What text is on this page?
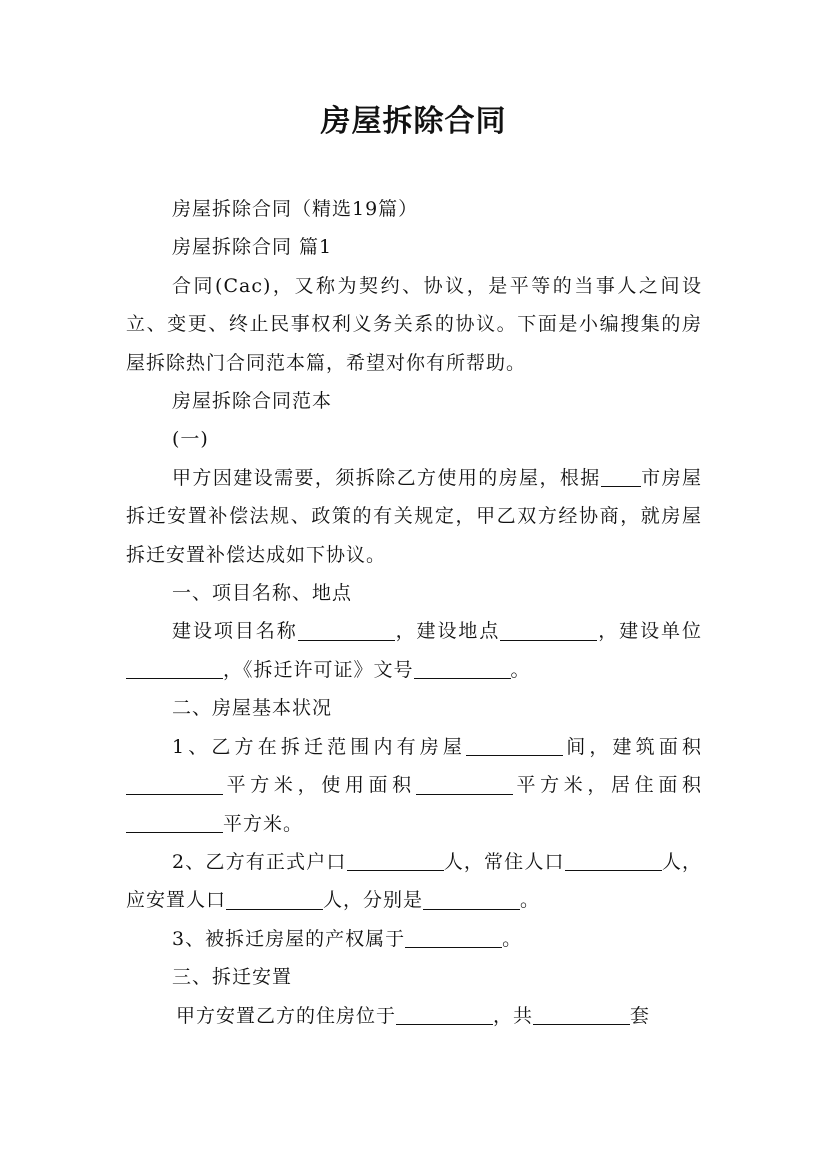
房屋拆除合同

房屋拆除合同（精选19篇）

房屋拆除合同 篇1

合同(Cac)，又称为契约、协议，是平等的当事人之间设立、变更、终止民事权利义务关系的协议。下面是小编搜集的房屋拆除热门合同范本篇，希望对你有所帮助。

房屋拆除合同范本

(一)

甲方因建设需要，须拆除乙方使用的房屋，根据 市房屋拆迁安置补偿法规、政策的有关规定，甲乙双方经协商，就房屋拆迁安置补偿达成如下协议。

一、项目名称、地点

建设项目名称	，建设地点	，建设单位，《拆迁许可证》文号	。

二、房屋基本状况

1、乙方在拆迁范围内有房屋	间，建筑面积平方米，使用面积	平方米，居住面积平方米。

2、乙方有正式户口	人，常住人口	人，应安置人口	人，分别是	。

3、被拆迁房屋的产权属于	。

三、拆迁安置

甲方安置乙方的住房位于	，共	套
